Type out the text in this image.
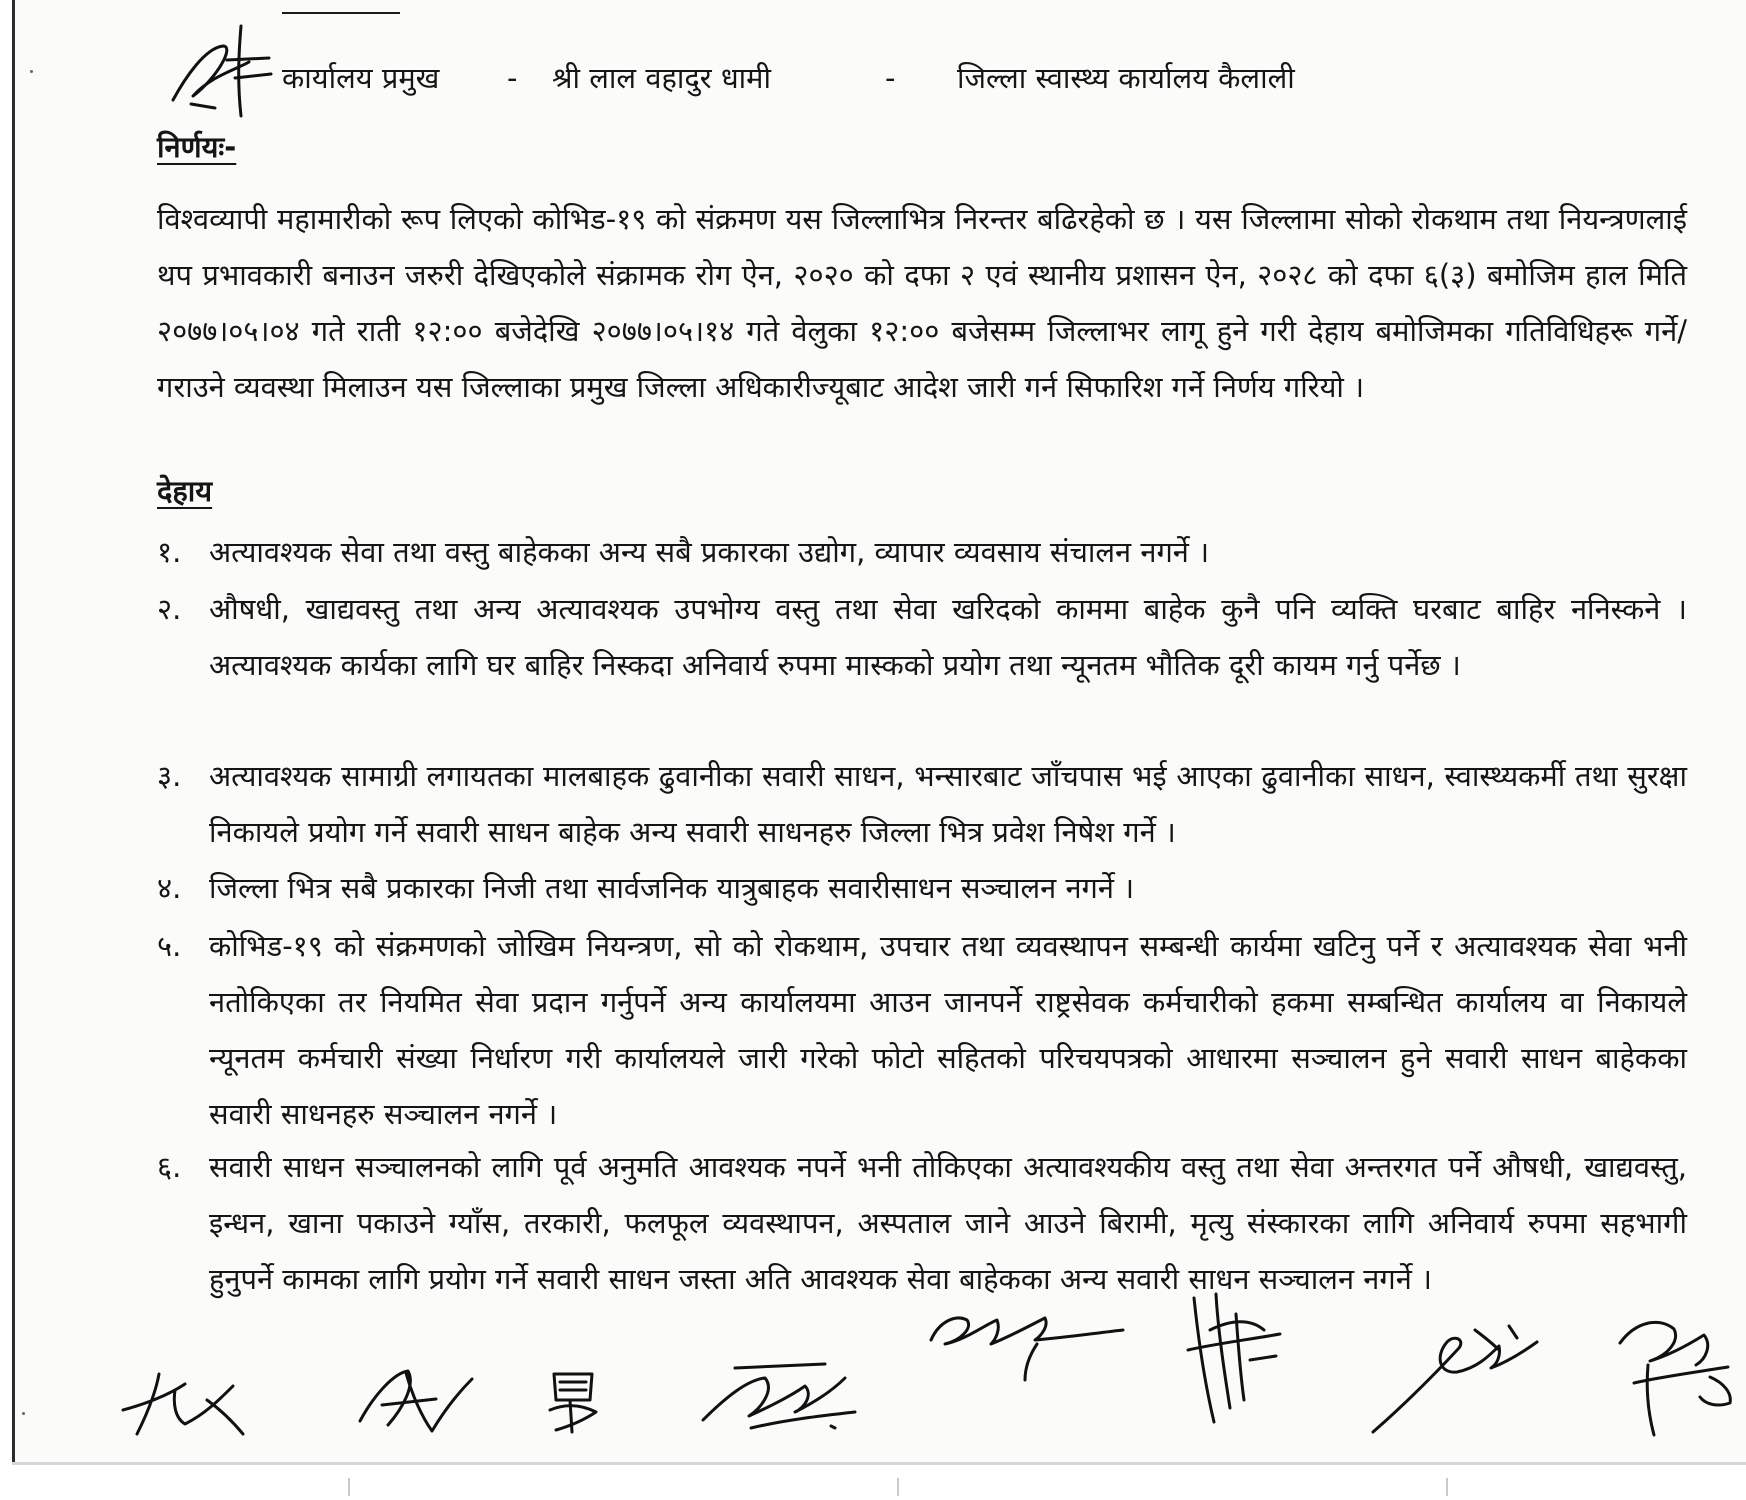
कार्यालय प्रमुख - श्री लाल वहादुर धामी	- जिल्ला स्वास्थ्य कार्यालय कैलाली
निर्णयः-

विश्वव्यापी महामारीको रूप लिएको कोभिड-१९ को संक्रमण यस जिल्लाभित्र निरन्तर बढिरहेको छ । यस जिल्लामा सोको रोकथाम तथा नियन्त्रणलाई थप प्रभावकारी बनाउन जरुरी देखिएकोले संक्रामक रोग ऐन, २०२० को दफा २ एवं स्थानीय प्रशासन ऐन, २०२८ को दफा ६(३) बमोजिम हाल मिति २०७७।०५।०४ गते राती १२:०० बजेदेखि २०७७।०५।१४ गते वेलुका १२:०० बजेसम्म जिल्लाभर लागू हुने गरी देहाय बमोजिमका गतिविधिहरू गर्ने/गराउने व्यवस्था मिलाउन यस जिल्लाका प्रमुख जिल्ला अधिकारीज्यूबाट आदेश जारी गर्न सिफारिश गर्ने निर्णय गरियो ।

देहाय
१. अत्यावश्यक सेवा तथा वस्तु बाहेकका अन्य सबै प्रकारका उद्योग, व्यापार व्यवसाय संचालन नगर्ने ।
२. औषधी, खाद्यवस्तु तथा अन्य अत्यावश्यक उपभोग्य वस्तु तथा सेवा खरिदको काममा बाहेक कुनै पनि व्यक्ति घरबाट बाहिर ननिस्कने । अत्यावश्यक कार्यका लागि घर बाहिर निस्कदा अनिवार्य रुपमा मास्कको प्रयोग तथा न्यूनतम भौतिक दूरी कायम गर्नु पर्नेछ ।
३. अत्यावश्यक सामाग्री लगायतका मालबाहक ढुवानीका सवारी साधन, भन्सारबाट जाँचपास भई आएका ढुवानीका साधन, स्वास्थ्यकर्मी तथा सुरक्षा निकायले प्रयोग गर्ने सवारी साधन बाहेक अन्य सवारी साधनहरु जिल्ला भित्र प्रवेश निषेश गर्ने ।
४. जिल्ला भित्र सबै प्रकारका निजी तथा सार्वजनिक यात्रुबाहक सवारीसाधन सञ्चालन नगर्ने ।
५. कोभिड-१९ को संक्रमणको जोखिम नियन्त्रण, सो को रोकथाम, उपचार तथा व्यवस्थापन सम्बन्धी कार्यमा खटिनु पर्ने र अत्यावश्यक सेवा भनी नतोकिएका तर नियमित सेवा प्रदान गर्नुपर्ने अन्य कार्यालयमा आउन जानपर्ने राष्ट्रसेवक कर्मचारीको हकमा सम्बन्धित कार्यालय वा निकायले न्यूनतम कर्मचारी संख्या निर्धारण गरी कार्यालयले जारी गरेको फोटो सहितको परिचयपत्रको आधारमा सञ्चालन हुने सवारी साधन बाहेकका सवारी साधनहरु सञ्चालन नगर्ने ।
६. सवारी साधन सञ्चालनको लागि पूर्व अनुमति आवश्यक नपर्ने भनी तोकिएका अत्यावश्यकीय वस्तु तथा सेवा अन्तरगत पर्ने औषधी, खाद्यवस्तु, इन्धन, खाना पकाउने ग्याँस, तरकारी, फलफूल व्यवस्थापन, अस्पताल जाने आउने बिरामी, मृत्यु संस्कारका लागि अनिवार्य रुपमा सहभागी हुनुपर्ने कामका लागि प्रयोग गर्ने सवारी साधन जस्ता अति आवश्यक सेवा बाहेकका अन्य सवारी साधन सञ्चालन नगर्ने ।
